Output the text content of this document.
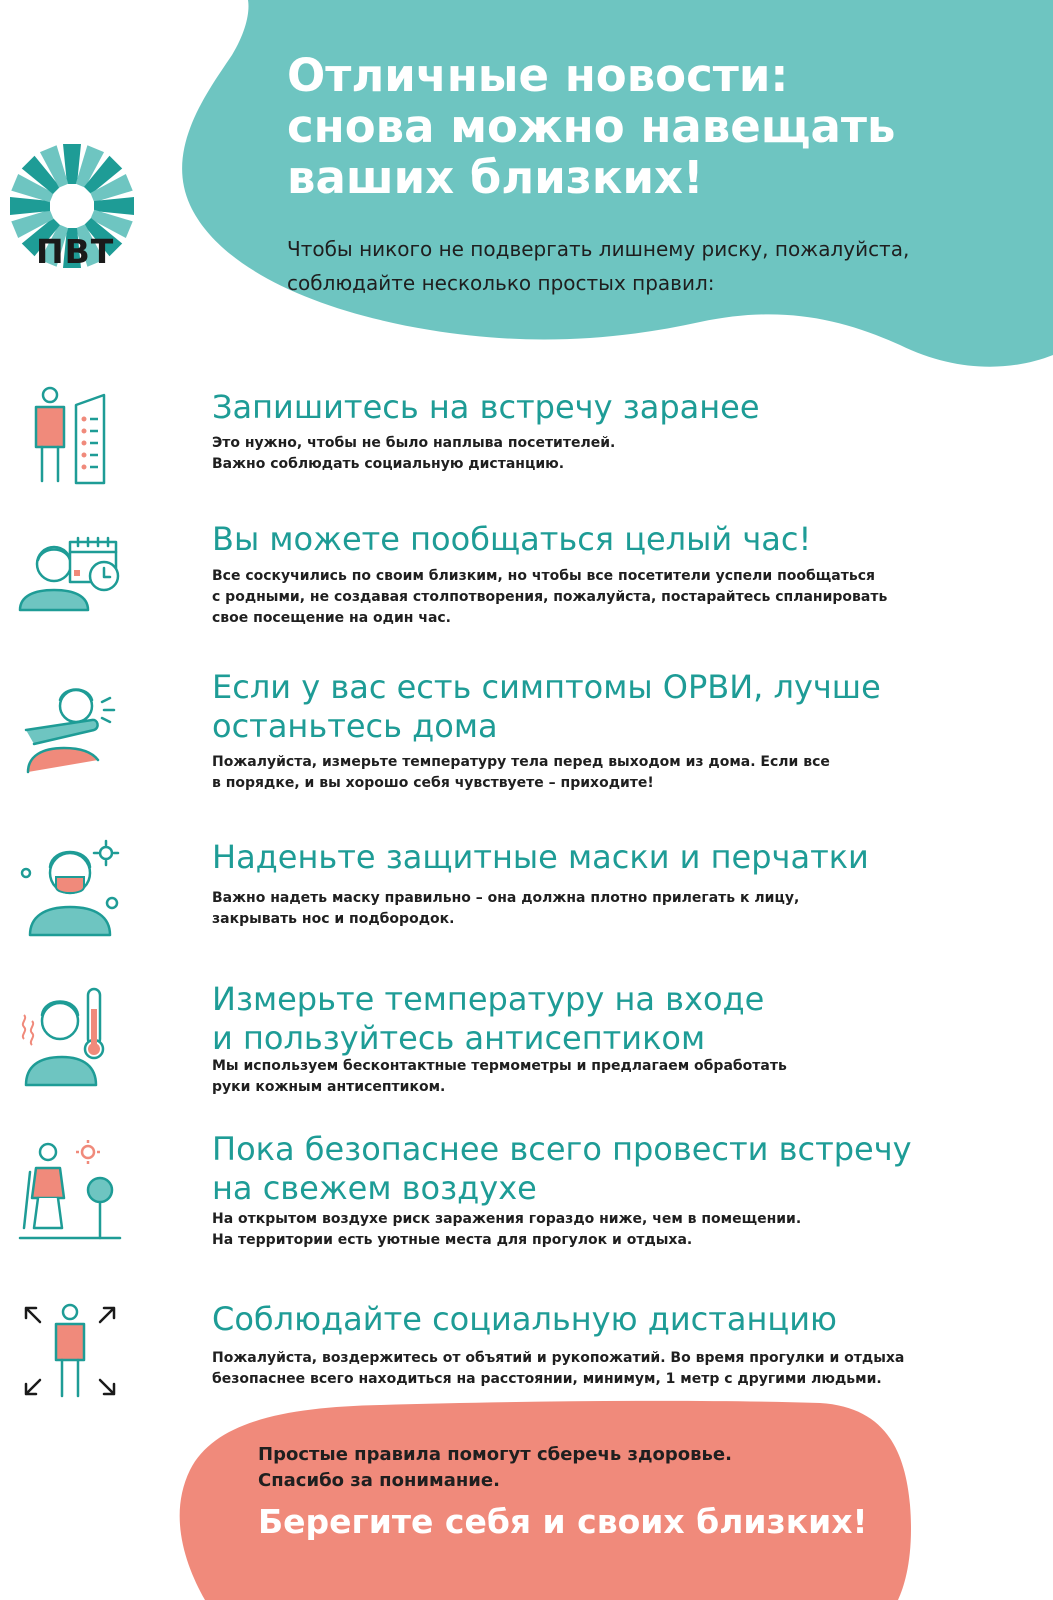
ПВТ
Отличные новости:
снова можно навещать
ваших близких!

Чтобы никого не подвергать лишнему риску, пожалуйста,
соблюдайте несколько простых правил:

Запишитесь на встречу заранее

Это нужно, чтобы не было наплыва посетителей.
Важно соблюдать социальную дистанцию.

Вы можете пообщаться целый час!

Все соскучились по своим близким, но чтобы все посетители успели пообщаться
с родными, не создавая столпотворения, пожалуйста, постарайтесь спланировать
свое посещение на один час.

Если у вас есть симптомы ОРВИ, лучше
останьтесь дома

Пожалуйста, измерьте температуру тела перед выходом из дома. Если все
в порядке, и вы хорошо себя чувствуете – приходите!

Наденьте защитные маски и перчатки

Важно надеть маску правильно – она должна плотно прилегать к лицу,
закрывать нос и подбородок.

Измерьте температуру на входе
и пользуйтесь антисептиком

Мы используем бесконтактные термометры и предлагаем обработать
руки кожным антисептиком.

Пока безопаснее всего провести встречу
на свежем воздухе

На открытом воздухе риск заражения гораздо ниже, чем в помещении.
На территории есть уютные места для прогулок и отдыха.

Соблюдайте социальную дистанцию

Пожалуйста, воздержитесь от объятий и рукопожатий. Во время прогулки и отдыха
безопаснее всего находиться на расстоянии, минимум, 1 метр с другими людьми.

Простые правила помогут сберечь здоровье.

Спасибо за понимание.

Берегите себя и своих близких!
